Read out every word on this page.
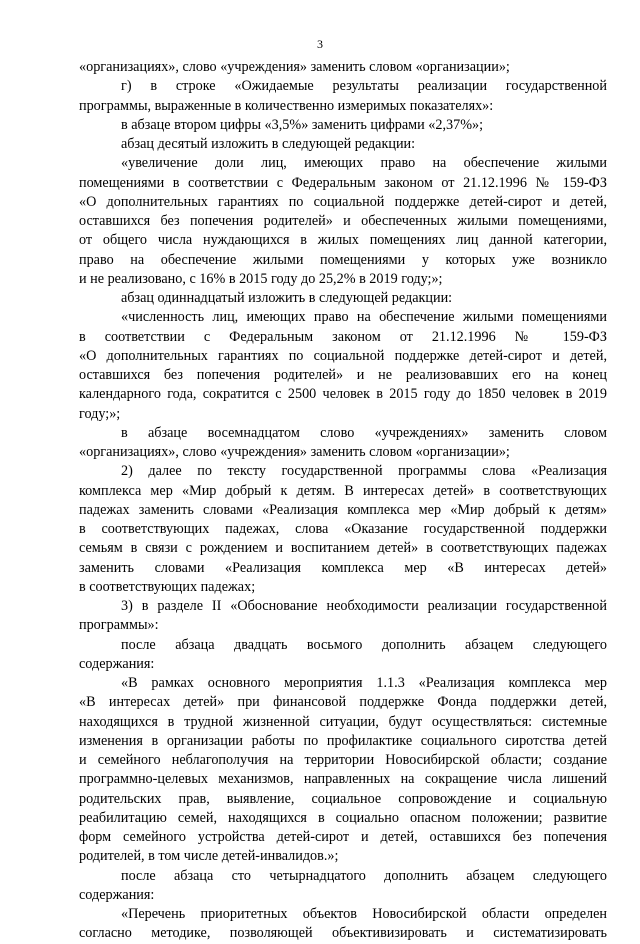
3
«организациях», слово «учреждения» заменить словом «организации»;
г) в строке «Ожидаемые результаты реализации государственной
программы, выраженные в количественно измеримых показателях»:
в абзаце втором цифры «3,5%» заменить цифрами «2,37%»;
абзац десятый изложить в следующей редакции:
«увеличение доли лиц, имеющих право на обеспечение жилыми
помещениями в соответствии с Федеральным законом от 21.12.1996 № 159-ФЗ
«О дополнительных гарантиях по социальной поддержке детей-сирот и детей,
оставшихся без попечения родителей» и обеспеченных жилыми помещениями,
от общего числа нуждающихся в жилых помещениях лиц данной категории,
право на обеспечение жилыми помещениями у которых уже возникло
и не реализовано, с 16% в 2015 году до 25,2% в 2019 году;»;
абзац одиннадцатый изложить в следующей редакции:
«численность лиц, имеющих право на обеспечение жилыми помещениями
в соответствии с Федеральным законом от 21.12.1996 № 159-ФЗ
«О дополнительных гарантиях по социальной поддержке детей-сирот и детей,
оставшихся без попечения родителей» и не реализовавших его на конец
календарного года, сократится с 2500 человек в 2015 году до 1850 человек в 2019
году;»;
в абзаце восемнадцатом слово «учреждениях» заменить словом
«организациях», слово «учреждения» заменить словом «организации»;
2) далее по тексту государственной программы слова «Реализация
комплекса мер «Мир добрый к детям. В интересах детей» в соответствующих
падежах заменить словами «Реализация комплекса мер «Мир добрый к детям»
в соответствующих падежах, слова «Оказание государственной поддержки
семьям в связи с рождением и воспитанием детей» в соответствующих падежах
заменить словами «Реализация комплекса мер «В интересах детей»
в соответствующих падежах;
3) в разделе II «Обоснование необходимости реализации государственной
программы»:
после абзаца двадцать восьмого дополнить абзацем следующего
содержания:
«В рамках основного мероприятия 1.1.3 «Реализация комплекса мер
«В интересах детей» при финансовой поддержке Фонда поддержки детей,
находящихся в трудной жизненной ситуации, будут осуществляться: системные
изменения в организации работы по профилактике социального сиротства детей
и семейного неблагополучия на территории Новосибирской области; создание
программно-целевых механизмов, направленных на сокращение числа лишений
родительских прав, выявление, социальное сопровождение и социальную
реабилитацию семей, находящихся в социально опасном положении; развитие
форм семейного устройства детей-сирот и детей, оставшихся без попечения
родителей, в том числе детей-инвалидов.»;
после абзаца сто четырнадцатого дополнить абзацем следующего
содержания:
«Перечень приоритетных объектов Новосибирской области определен
согласно методике, позволяющей объективизировать и систематизировать
